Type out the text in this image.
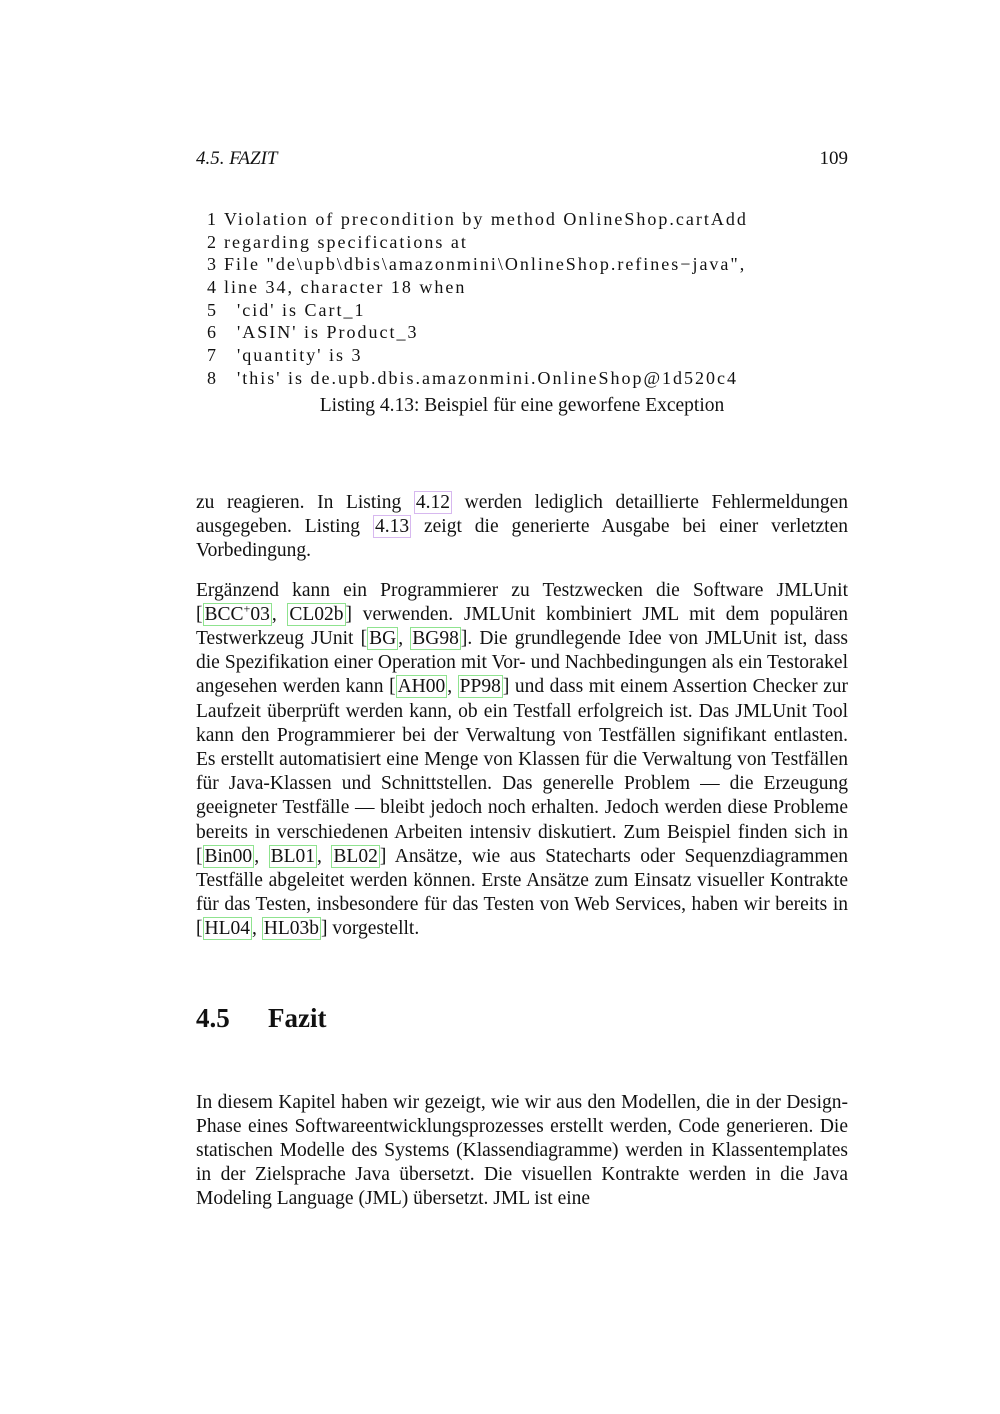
4.5. FAZIT	109
1 Violation of precondition by method OnlineShop.cartAdd
2 regarding specifications at
3 File "de\upb\dbis\amazonmini\OnlineShop.refines−java",
4 line 34, character 18 when
5  'cid' is Cart_1
6  'ASIN' is Product_3
7  'quantity' is 3
8  'this' is de.upb.dbis.amazonmini.OnlineShop@1d520c4
Listing 4.13: Beispiel für eine geworfene Exception

zu reagieren. In Listing 4.12 werden lediglich detaillierte Fehlermeldungen ausgegeben. Listing 4.13 zeigt die generierte Ausgabe bei einer verletzten Vorbedingung.

Ergänzend kann ein Programmierer zu Testzwecken die Software JMLUnit [ BCC+03 , CL02b ] verwenden. JMLUnit kombiniert JML mit dem populären Testwerkzeug JUnit [ BG , BG98 ]. Die grundlegende Idee von JMLUnit ist, dass die Spezifikation einer Operation mit Vor- und Nachbedingungen als ein Testorakel angesehen werden kann [ AH00 , PP98 ] und dass mit einem Assertion Checker zur Laufzeit überprüft werden kann, ob ein Testfall erfolgreich ist. Das JMLUnit Tool kann den Programmierer bei der Verwaltung von Testfällen signifikant entlasten. Es erstellt automatisiert eine Menge von Klassen für die Verwaltung von Testfällen für Java-Klassen und Schnittstellen. Das generelle Problem — die Erzeugung geeigneter Testfälle — bleibt jedoch noch erhalten. Jedoch werden diese Probleme bereits in verschiedenen Arbeiten intensiv diskutiert. Zum Beispiel finden sich in [ Bin00 , BL01 , BL02 ] Ansätze, wie aus Statecharts oder Sequenzdiagrammen Testfälle abgeleitet werden können. Erste Ansätze zum Einsatz visueller Kontrakte für das Testen, insbesondere für das Testen von Web Services, haben wir bereits in [ HL04 , HL03b ] vorgestellt.

4.5 Fazit

In diesem Kapitel haben wir gezeigt, wie wir aus den Modellen, die in der Design-Phase eines Softwareentwicklungsprozesses erstellt werden, Code generieren. Die statischen Modelle des Systems (Klassendiagramme) werden in Klassentemplates in der Zielsprache Java übersetzt. Die visuellen Kontrakte werden in die Java Modeling Language (JML) übersetzt. JML ist eine
